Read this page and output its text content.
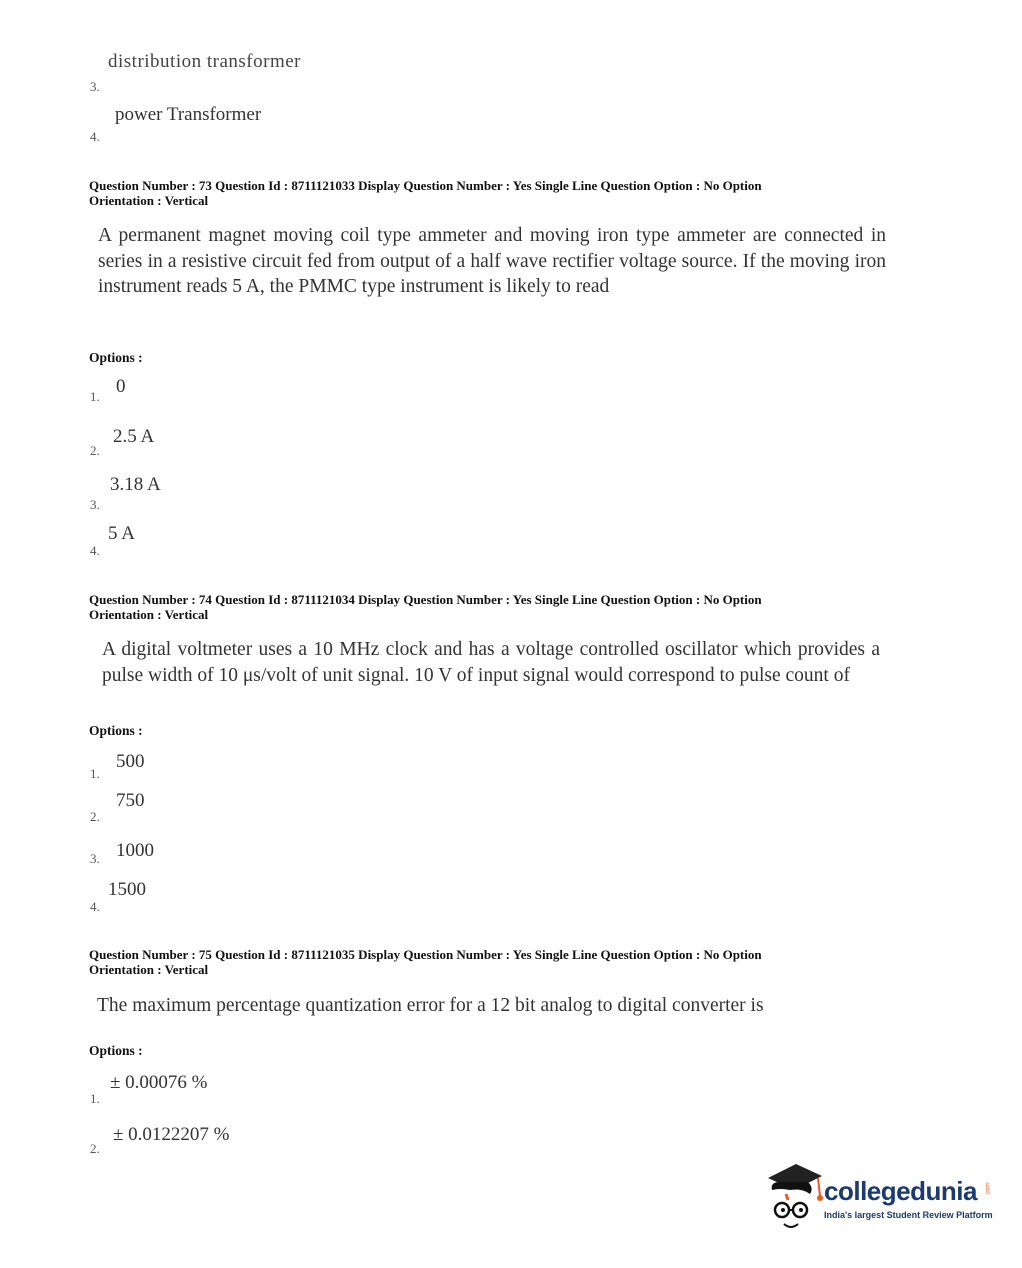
distribution transformer
3.
power Transformer
4.
Question Number : 73 Question Id : 8711121033 Display Question Number : Yes Single Line Question Option : No Option
Orientation : Vertical
A permanent magnet moving coil type ammeter and moving iron type ammeter are connected in series in a resistive circuit fed from output of a half wave rectifier voltage source. If the moving iron instrument reads 5 A, the PMMC type instrument is likely to read
Options :
0
1.
2.5 A
2.
3.18 A
3.
5 A
4.
Question Number : 74 Question Id : 8711121034 Display Question Number : Yes Single Line Question Option : No Option
Orientation : Vertical
A digital voltmeter uses a 10 MHz clock and has a voltage controlled oscillator which provides a pulse width of 10 μs/volt of unit signal. 10 V of input signal would correspond to pulse count of
Options :
500
1.
750
2.
3. 1000
1500
4.
Question Number : 75 Question Id : 8711121035 Display Question Number : Yes Single Line Question Option : No Option
Orientation : Vertical
The maximum percentage quantization error for a 12 bit analog to digital converter is
Options :
± 0.00076 %
1.
± 0.0122207 %
2.
collegedunia .com
India's largest Student Review Platform
